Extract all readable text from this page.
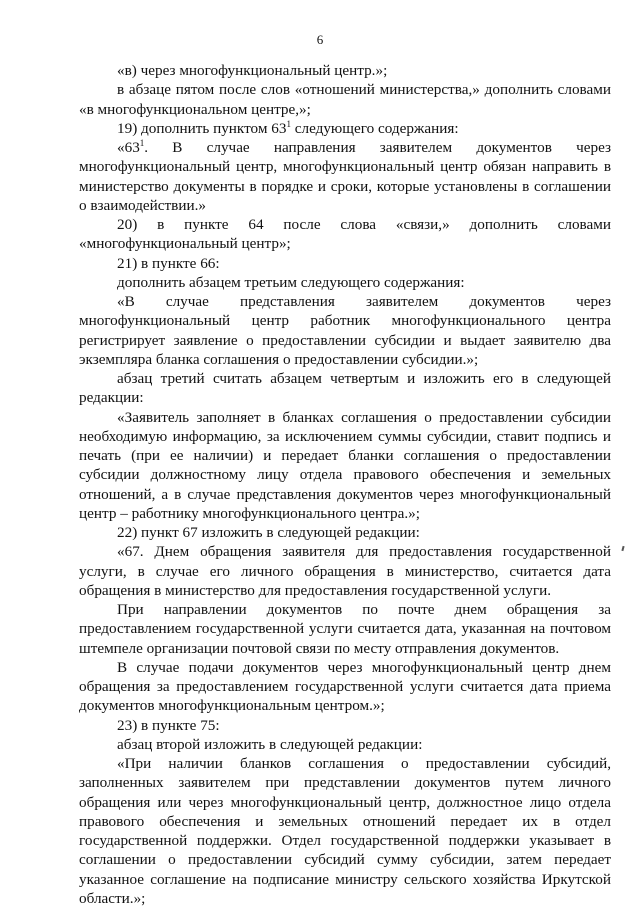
6

«в) через многофункциональный центр.»;

в абзаце пятом после слов «отношений министерства,» дополнить словами «в многофункциональном центре,»;

19) дополнить пунктом $63^1$ следующего содержания:

«$63^1$. В случае направления заявителем документов через многофункциональный центр, многофункциональный центр обязан направить в министерство документы в порядке и сроки, которые установлены в соглашении о взаимодействии.»

20) в пункте 64 после слова «связи,» дополнить словами «многофункциональный центр»;

21) в пункте 66:

дополнить абзацем третьим следующего содержания:

«В случае представления заявителем документов через многофункциональный центр работник многофункционального центра регистрирует заявление о предоставлении субсидии и выдает заявителю два экземпляра бланка соглашения о предоставлении субсидии.»;

абзац третий считать абзацем четвертым и изложить его в следующей редакции:

«Заявитель заполняет в бланках соглашения о предоставлении субсидии необходимую информацию, за исключением суммы субсидии, ставит подпись и печать (при ее наличии) и передает бланки соглашения о предоставлении субсидии должностному лицу отдела правового обеспечения и земельных отношений, а в случае представления документов через многофункциональный центр – работнику многофункционального центра.»;

22) пункт 67 изложить в следующей редакции:

«67. Днем обращения заявителя для предоставления государственной услуги, в случае его личного обращения в министерство, считается дата обращения в министерство для предоставления государственной услуги.

При направлении документов по почте днем обращения за предоставлением государственной услуги считается дата, указанная на почтовом штемпеле организации почтовой связи по месту отправления документов.

В случае подачи документов через многофункциональный центр днем обращения за предоставлением государственной услуги считается дата приема документов многофункциональным центром.»;

23) в пункте 75:

абзац второй изложить в следующей редакции:

«При наличии бланков соглашения о предоставлении субсидий, заполненных заявителем при представлении документов путем личного обращения или через многофункциональный центр, должностное лицо отдела правового обеспечения и земельных отношений передает их в отдел государственной поддержки. Отдел государственной поддержки указывает в соглашении о предоставлении субсидий сумму субсидии, затем передает указанное соглашение на подписание министру сельского хозяйства Иркутской области.»;
